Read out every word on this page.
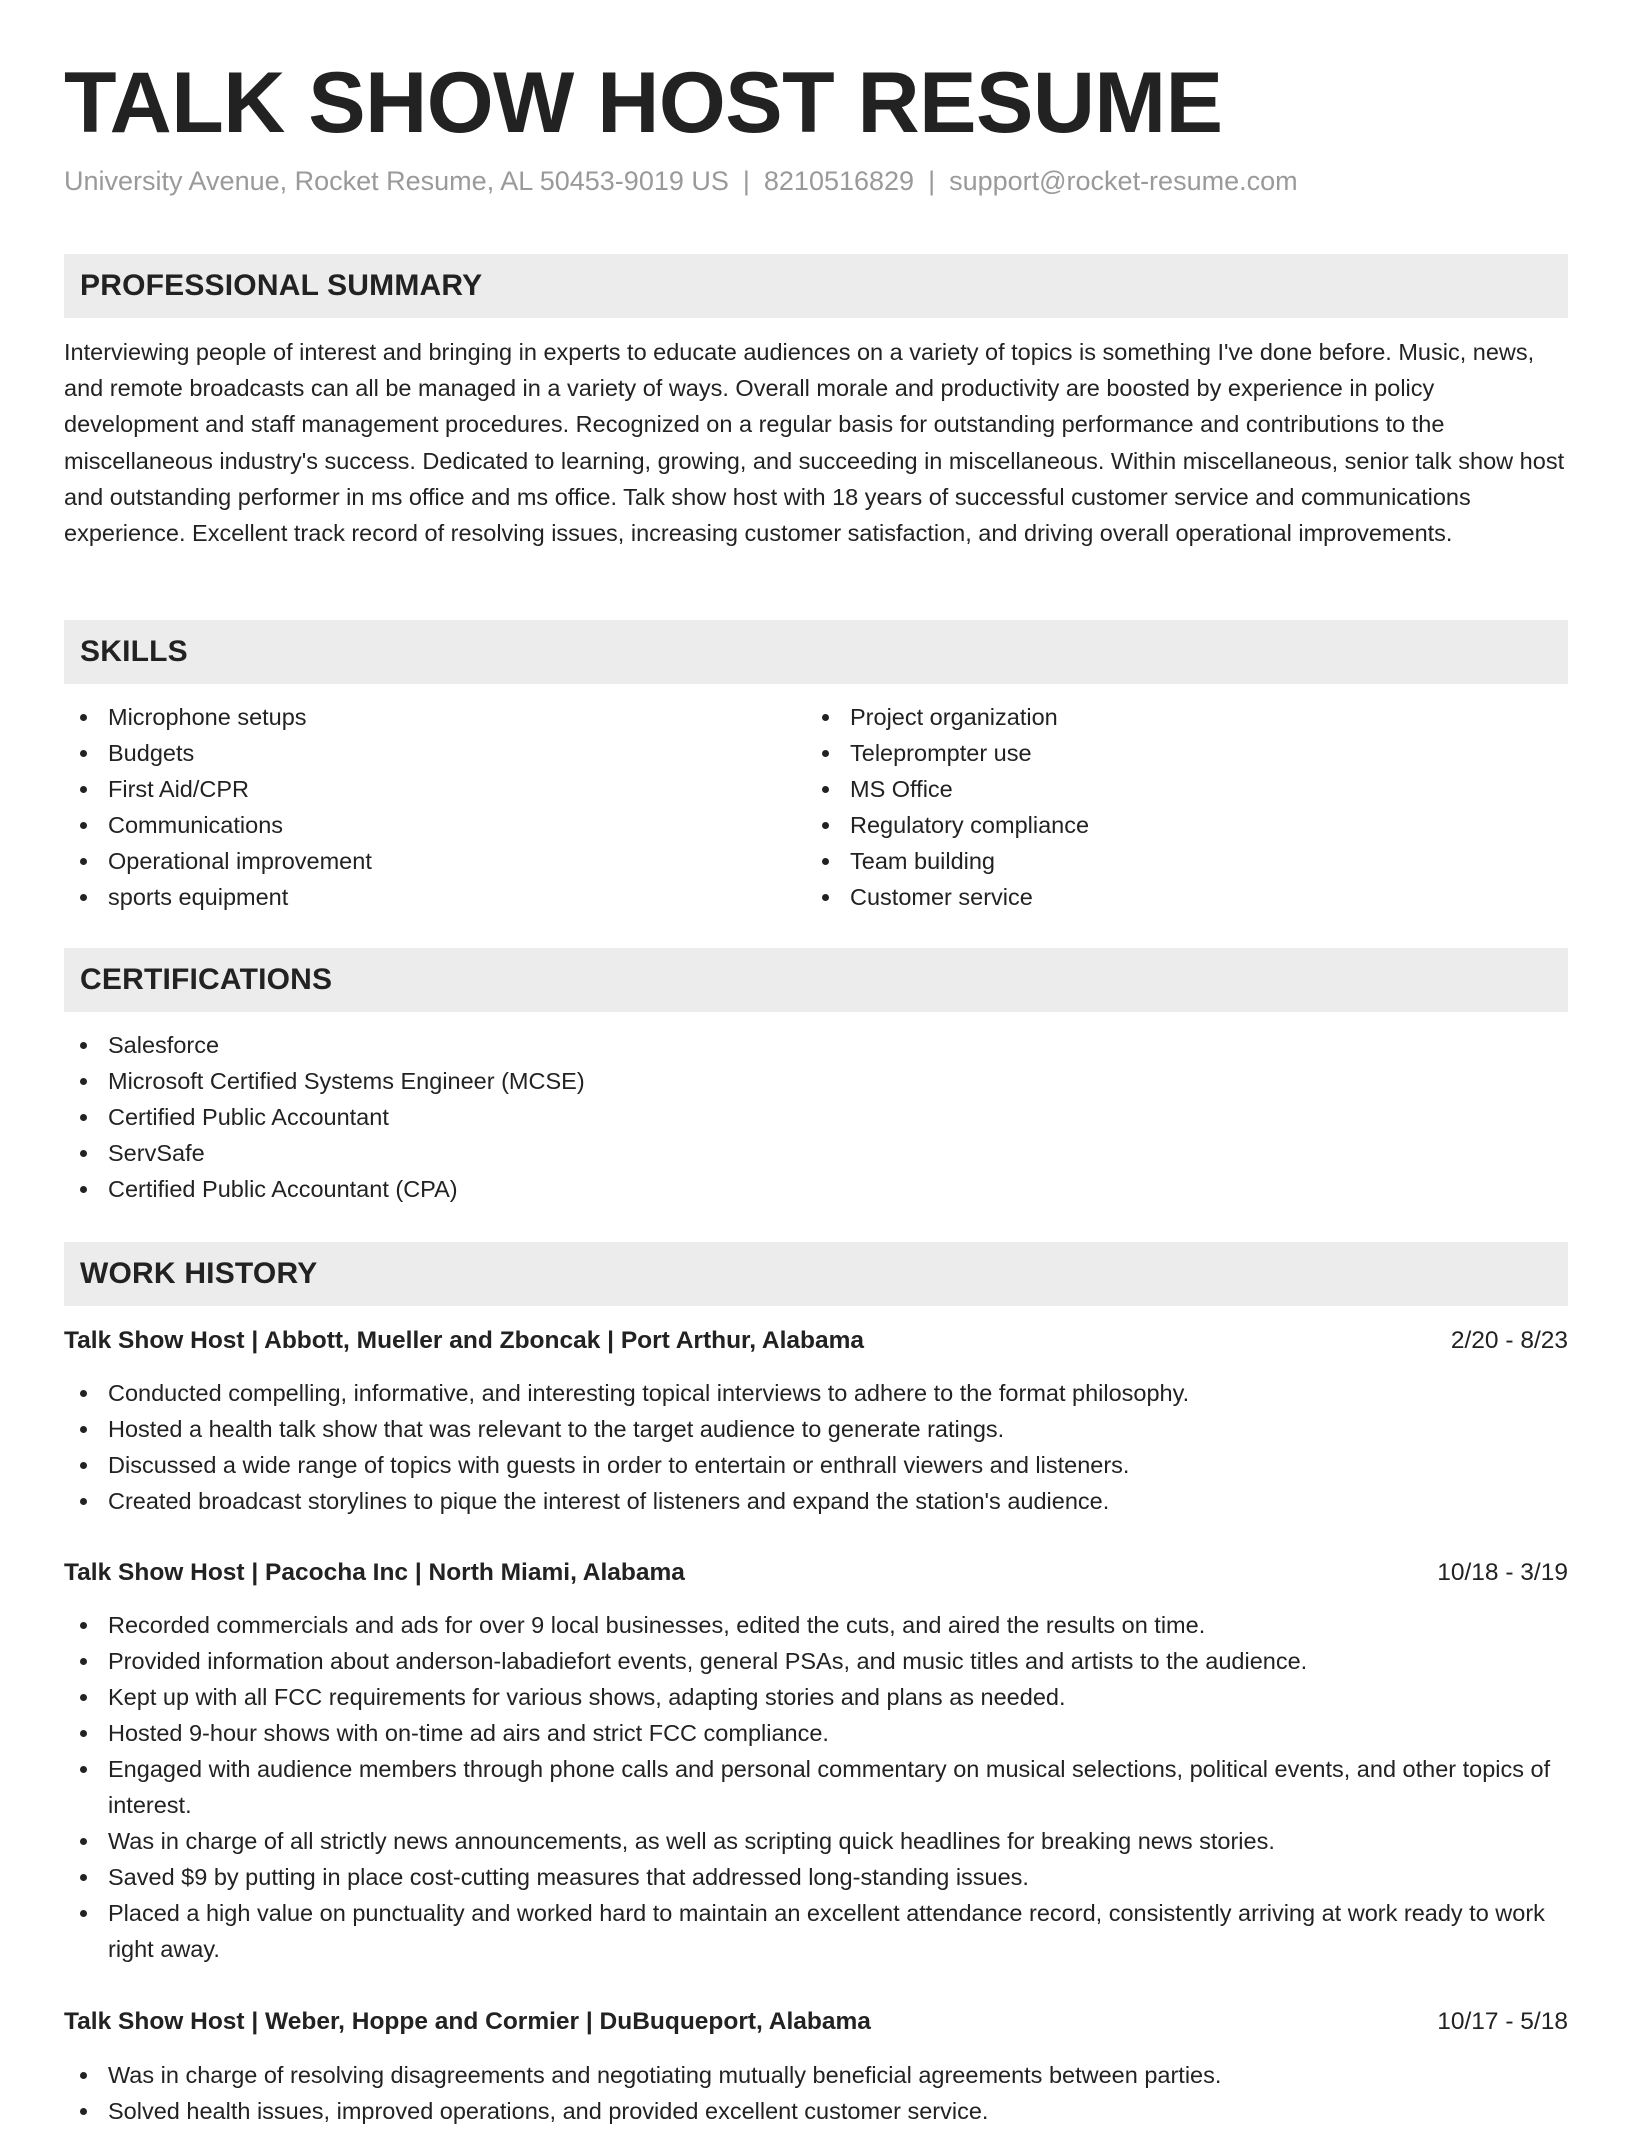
TALK SHOW HOST RESUME
University Avenue, Rocket Resume, AL 50453-9019 US | 8210516829 | support@rocket-resume.com
PROFESSIONAL SUMMARY
Interviewing people of interest and bringing in experts to educate audiences on a variety of topics is something I've done before. Music, news, and remote broadcasts can all be managed in a variety of ways. Overall morale and productivity are boosted by experience in policy development and staff management procedures. Recognized on a regular basis for outstanding performance and contributions to the miscellaneous industry's success. Dedicated to learning, growing, and succeeding in miscellaneous. Within miscellaneous, senior talk show host and outstanding performer in ms office and ms office. Talk show host with 18 years of successful customer service and communications experience. Excellent track record of resolving issues, increasing customer satisfaction, and driving overall operational improvements.
SKILLS
Microphone setups
Budgets
First Aid/CPR
Communications
Operational improvement
sports equipment
Project organization
Teleprompter use
MS Office
Regulatory compliance
Team building
Customer service
CERTIFICATIONS
Salesforce
Microsoft Certified Systems Engineer (MCSE)
Certified Public Accountant
ServSafe
Certified Public Accountant (CPA)
WORK HISTORY
Talk Show Host | Abbott, Mueller and Zboncak | Port Arthur, Alabama	2/20 - 8/23
Conducted compelling, informative, and interesting topical interviews to adhere to the format philosophy.
Hosted a health talk show that was relevant to the target audience to generate ratings.
Discussed a wide range of topics with guests in order to entertain or enthrall viewers and listeners.
Created broadcast storylines to pique the interest of listeners and expand the station's audience.
Talk Show Host | Pacocha Inc | North Miami, Alabama	10/18 - 3/19
Recorded commercials and ads for over 9 local businesses, edited the cuts, and aired the results on time.
Provided information about anderson-labadiefort events, general PSAs, and music titles and artists to the audience.
Kept up with all FCC requirements for various shows, adapting stories and plans as needed.
Hosted 9-hour shows with on-time ad airs and strict FCC compliance.
Engaged with audience members through phone calls and personal commentary on musical selections, political events, and other topics of interest.
Was in charge of all strictly news announcements, as well as scripting quick headlines for breaking news stories.
Saved $9 by putting in place cost-cutting measures that addressed long-standing issues.
Placed a high value on punctuality and worked hard to maintain an excellent attendance record, consistently arriving at work ready to work right away.
Talk Show Host | Weber, Hoppe and Cormier | DuBuqueport, Alabama	10/17 - 5/18
Was in charge of resolving disagreements and negotiating mutually beneficial agreements between parties.
Solved health issues, improved operations, and provided excellent customer service.
